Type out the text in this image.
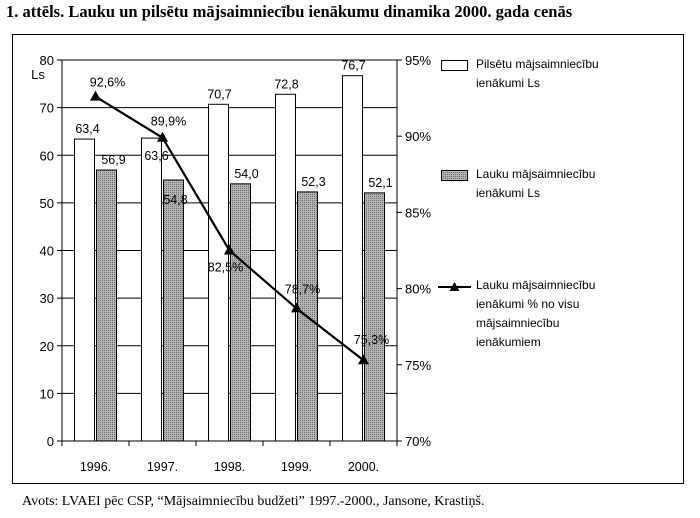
1. attēls. Lauku un pilsētu mājsaimniecību ienākumu dinamika 2000. gada cenās
0
10
20
30
40
50
60
70
80
Ls
70%
75%
80%
85%
90%
95%
1996.	1997.	1998.	1999.	2000.
63,4
56,9 63,6
54,8
70,7
54,0
72,8
52,3
76,7
52,1
92,6%
89,9%
82,5%
78,7%
75,3%
Pilsētu mājsaimniecību
ienākumi Ls
Lauku mājsaimniecību
ienākumi Ls
Lauku mājsaimniecību
ienākumi % no visu
mājsaimniecību
ienākumiem
Avots: LVAEI pēc CSP, “Mājsaimniecību budžeti” 1997.-2000., Jansone, Krastiņš.
